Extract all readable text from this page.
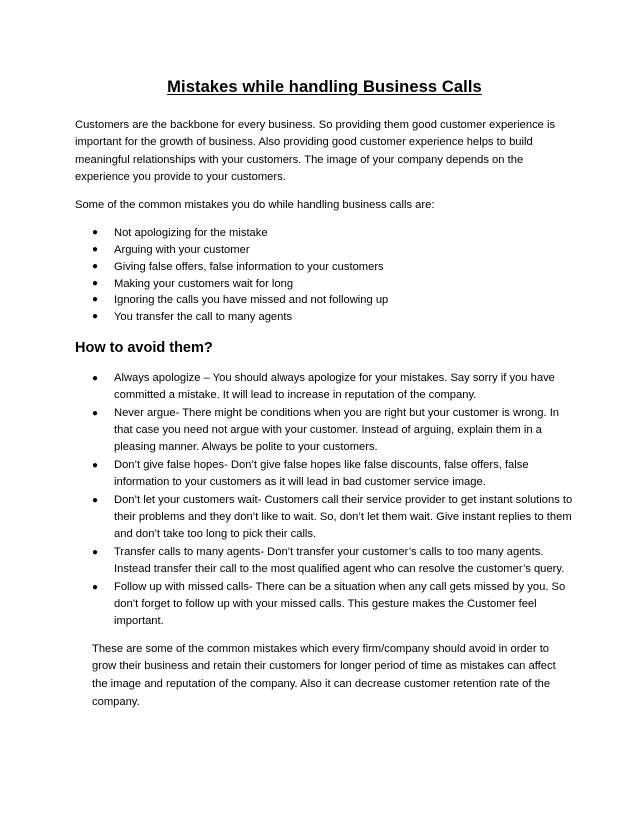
Mistakes while handling Business Calls

Customers are the backbone for every business. So providing them good customer experience is important for the growth of business. Also providing good customer experience helps to build meaningful relationships with your customers. The image of your company depends on the experience you provide to your customers.

Some of the common mistakes you do while handling business calls are:

● Not apologizing for the mistake
● Arguing with your customer
● Giving false offers, false information to your customers
● Making your customers wait for long
● Ignoring the calls you have missed and not following up
● You transfer the call to many agents
How to avoid them?
● Always apologize – You should always apologize for your mistakes. Say sorry if you have committed a mistake. It will lead to increase in reputation of the company.
● Never argue- There might be conditions when you are right but your customer is wrong. In that case you need not argue with your customer. Instead of arguing, explain them in a pleasing manner. Always be polite to your customers.
● Don’t give false hopes- Don’t give false hopes like false discounts, false offers, false information to your customers as it will lead in bad customer service image.
● Don’t let your customers wait- Customers call their service provider to get instant solutions to their problems and they don’t like to wait. So, don’t let them wait. Give instant replies to them and don’t take too long to pick their calls.
● Transfer calls to many agents- Don’t transfer your customer’s calls to too many agents. Instead transfer their call to the most qualified agent who can resolve the customer’s query.
● Follow up with missed calls- There can be a situation when any call gets missed by you. So don’t forget to follow up with your missed calls. This gesture makes the Customer feel important.

These are some of the common mistakes which every firm/company should avoid in order to grow their business and retain their customers for longer period of time as mistakes can affect the image and reputation of the company. Also it can decrease customer retention rate of the company.
